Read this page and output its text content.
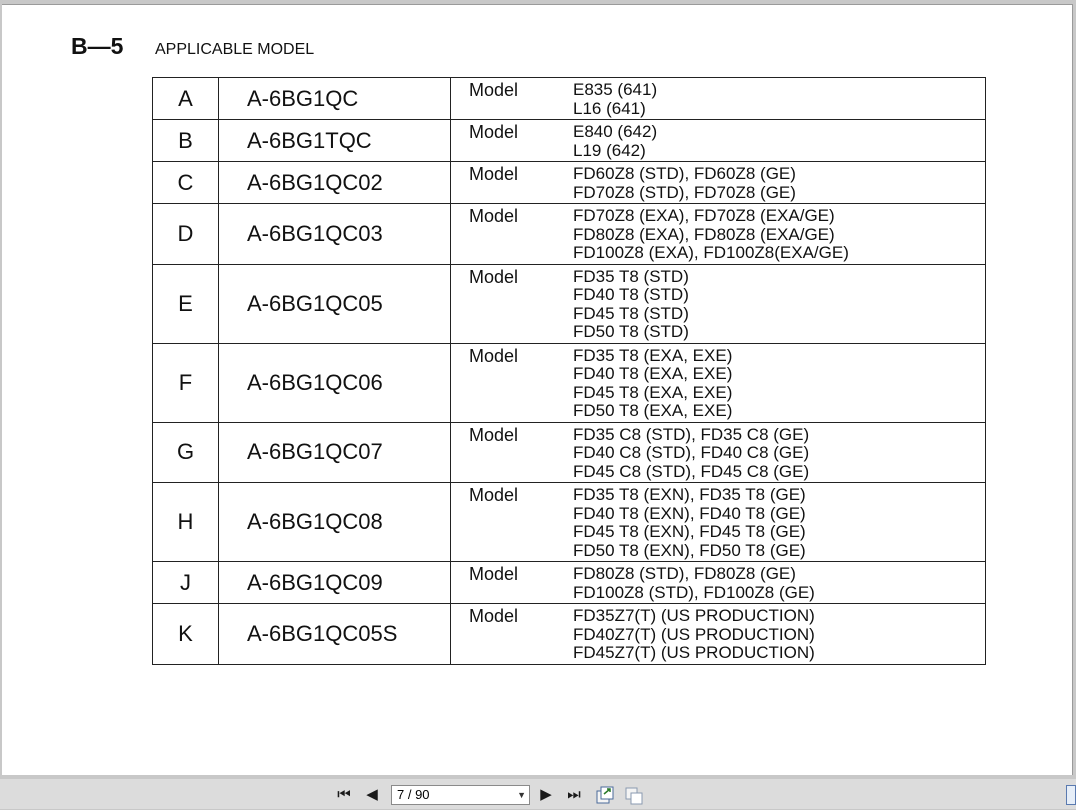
B—5 APPLICABLE MODEL
A	A-6BG1QC	Model E835 (641)
L16 (641)

B	A-6BG1TQC	Model E840 (642)
L19 (642)

C	A-6BG1QC02	Model FD60Z8 (STD), FD60Z8 (GE)
FD70Z8 (STD), FD70Z8 (GE)

D	A-6BG1QC03	Model FD70Z8 (EXA), FD70Z8 (EXA/GE)
FD80Z8 (EXA), FD80Z8 (EXA/GE)
FD100Z8 (EXA), FD100Z8(EXA/GE)

E	A-6BG1QC05	Model FD35 T8 (STD)
FD40 T8 (STD)
FD45 T8 (STD)
FD50 T8 (STD)

F	A-6BG1QC06	Model FD35 T8 (EXA, EXE)
FD40 T8 (EXA, EXE)
FD45 T8 (EXA, EXE)
FD50 T8 (EXA, EXE)

G	A-6BG1QC07	Model FD35 C8 (STD), FD35 C8 (GE)
FD40 C8 (STD), FD40 C8 (GE)
FD45 C8 (STD), FD45 C8 (GE)

H	A-6BG1QC08	Model FD35 T8 (EXN), FD35 T8 (GE)
FD40 T8 (EXN), FD40 T8 (GE)
FD45 T8 (EXN), FD45 T8 (GE)
FD50 T8 (EXN), FD50 T8 (GE)

J	A-6BG1QC09	Model FD80Z8 (STD), FD80Z8 (GE)
FD100Z8 (STD), FD100Z8 (GE)

K	A-6BG1QC05S	Model FD35Z7(T) (US PRODUCTION)
FD40Z7(T) (US PRODUCTION)
FD45Z7(T) (US PRODUCTION)
⏮ ◀	7 / 90	▼ ▶ ⏭
